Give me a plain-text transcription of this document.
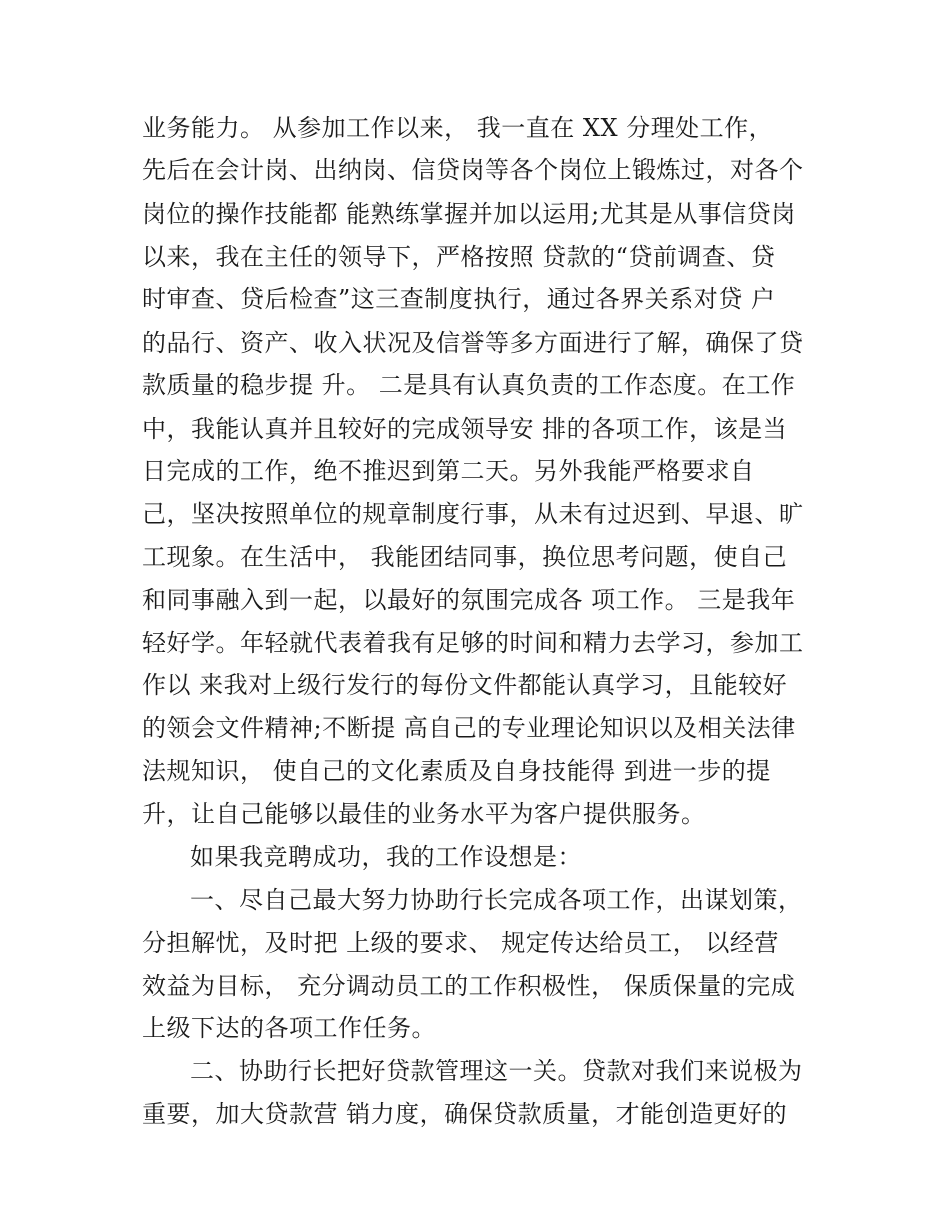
业务能力。 从参加工作以来， 我一直在 XX 分理处工作，
先后在会计岗、出纳岗、信贷岗等各个岗位上锻炼过，对各个
岗位的操作技能都 能熟练掌握并加以运用;尤其是从事信贷岗
以来，我在主任的领导下，严格按照 贷款的“贷前调查、贷
时审查、贷后检查”这三查制度执行，通过各界关系对贷 户
的品行、资产、收入状况及信誉等多方面进行了解，确保了贷
款质量的稳步提 升。 二是具有认真负责的工作态度。在工作
中，我能认真并且较好的完成领导安 排的各项工作，该是当
日完成的工作，绝不推迟到第二天。另外我能严格要求自
己，坚决按照单位的规章制度行事，从未有过迟到、早退、旷
工现象。在生活中， 我能团结同事，换位思考问题，使自己
和同事融入到一起，以最好的氛围完成各 项工作。 三是我年
轻好学。年轻就代表着我有足够的时间和精力去学习，参加工
作以 来我对上级行发行的每份文件都能认真学习，且能较好
的领会文件精神;不断提 高自己的专业理论知识以及相关法律
法规知识， 使自己的文化素质及自身技能得 到进一步的提
升，让自己能够以最佳的业务水平为客户提供服务。
如果我竞聘成功，我的工作设想是：
一、尽自己最大努力协助行长完成各项工作，出谋划策，
分担解忧，及时把 上级的要求、 规定传达给员工， 以经营
效益为目标， 充分调动员工的工作积极性， 保质保量的完成
上级下达的各项工作任务。
二、协助行长把好贷款管理这一关。贷款对我们来说极为
重要，加大贷款营 销力度，确保贷款质量，才能创造更好的
